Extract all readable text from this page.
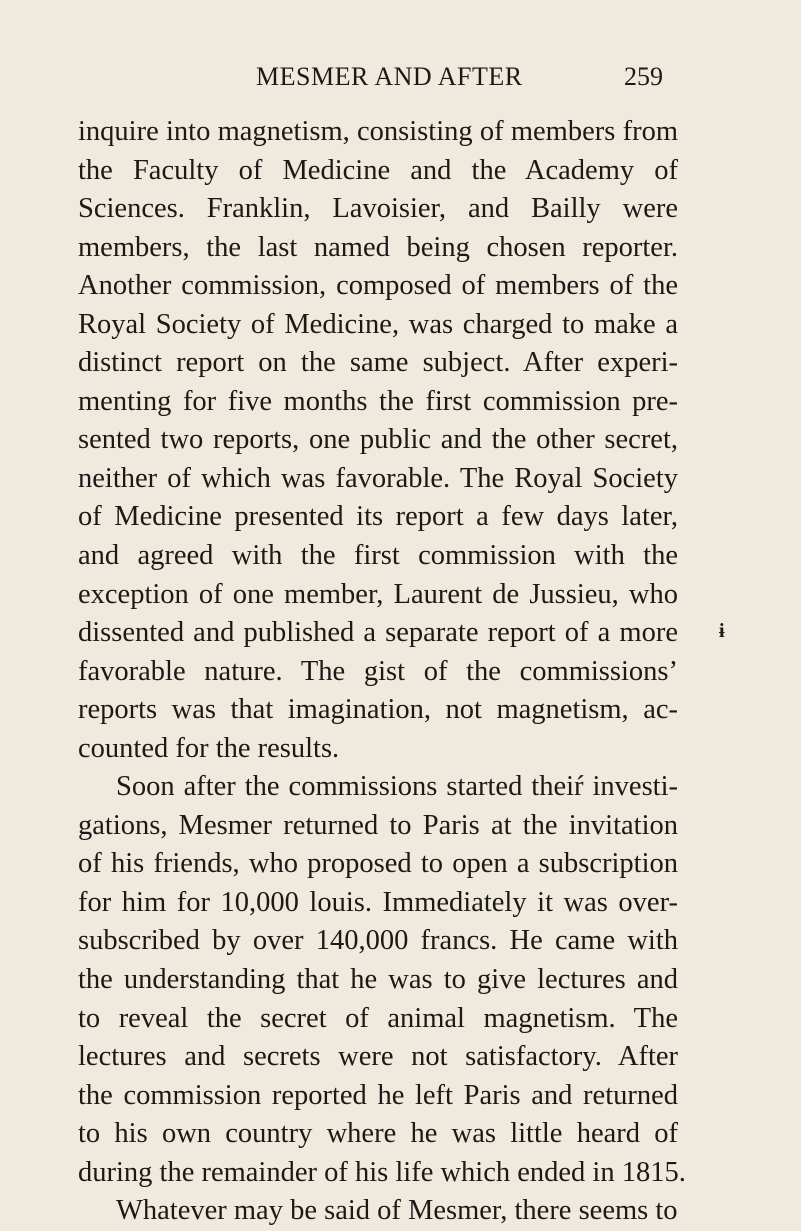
MESMER AND AFTER	259
inquire into magnetism, consisting of members from
the Faculty of Medicine and the Academy of
Sciences. Franklin, Lavoisier, and Bailly were
members, the last named being chosen reporter.
Another commission, composed of members of the
Royal Society of Medicine, was charged to make a
distinct report on the same subject. After experi-
menting for five months the first commission pre-
sented two reports, one public and the other secret,
neither of which was favorable. The Royal Society
of Medicine presented its report a few days later,
and agreed with the first commission with the
exception of one member, Laurent de Jussieu, who
dissented and published a separate report of a more
favorable nature. The gist of the commissions’
reports was that imagination, not magnetism, ac-
counted for the results.
Soon after the commissions started theiŕ investi-
gations, Mesmer returned to Paris at the invitation
of his friends, who proposed to open a subscription
for him for 10,000 louis. Immediately it was over-
subscribed by over 140,000 francs. He came with
the understanding that he was to give lectures and
to reveal the secret of animal magnetism. The
lectures and secrets were not satisfactory. After
the commission reported he left Paris and returned
to his own country where he was little heard of
during the remainder of his life which ended in 1815.
Whatever may be said of Mesmer, there seems to
ɨ
